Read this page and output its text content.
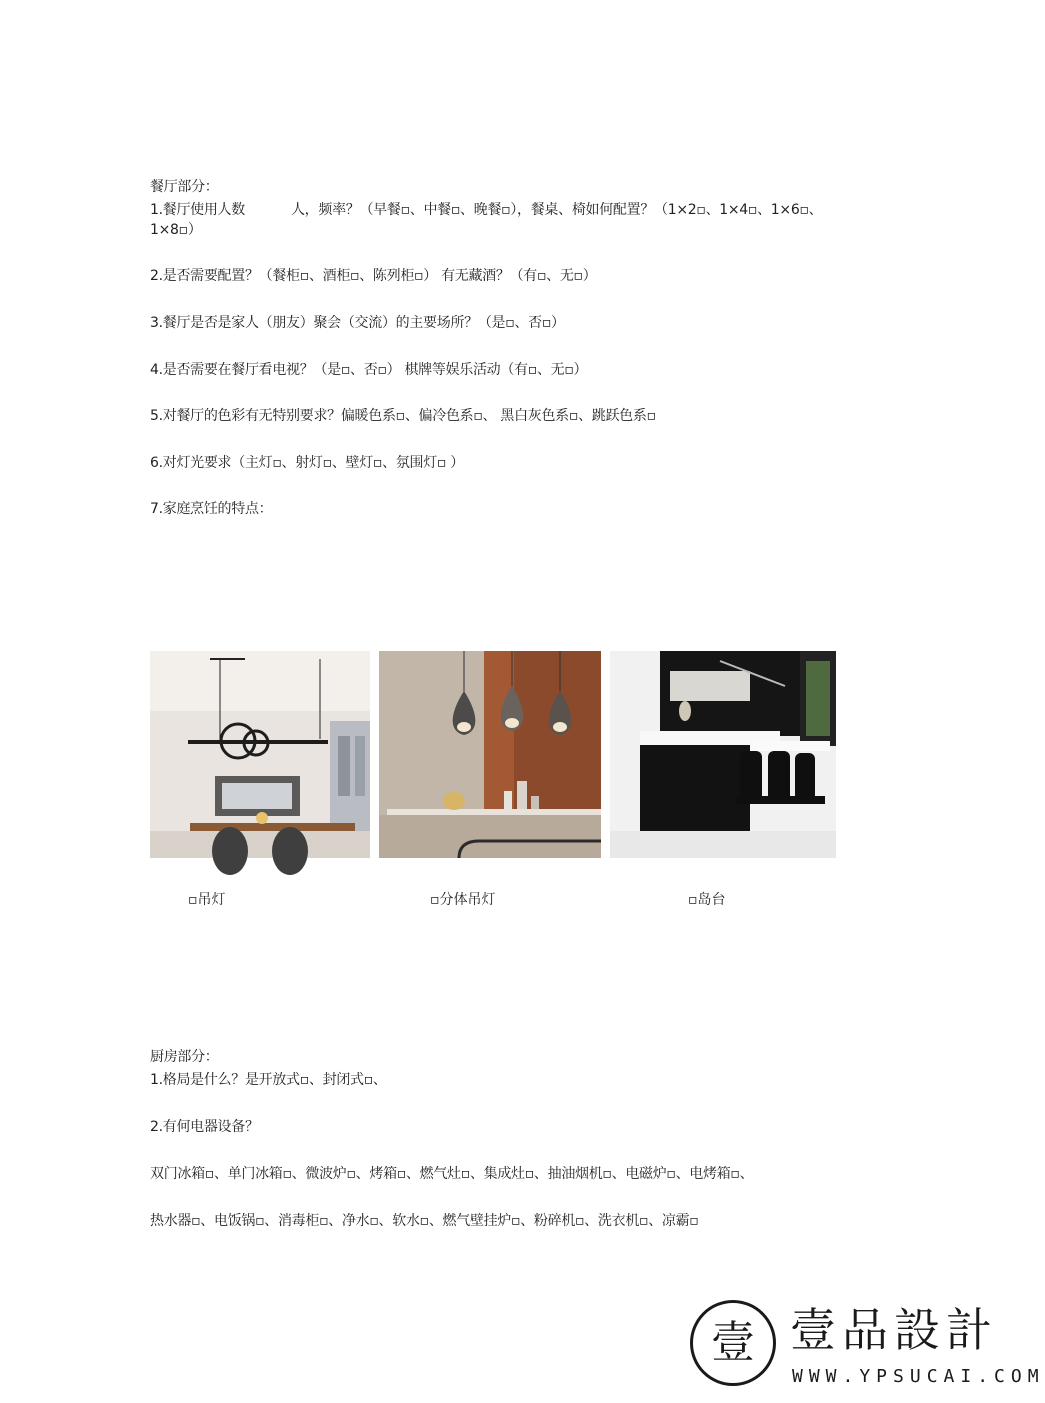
餐厅部分：
1.餐厅使用人数	人，频率？（早餐▫、中餐▫、晚餐▫），餐桌、椅如何配置？（1×2▫、1×4▫、1×6▫、
1×8▫）
2.是否需要配置？（餐柜▫、酒柜▫、陈列柜▫） 有无藏酒？（有▫、无▫）
3.餐厅是否是家人（朋友）聚会（交流）的主要场所？（是▫、否▫）
4.是否需要在餐厅看电视？（是▫、否▫） 棋牌等娱乐活动（有▫、无▫）
5.对餐厅的色彩有无特别要求？偏暖色系▫、偏冷色系▫、 黑白灰色系▫、跳跃色系▫
6.对灯光要求（主灯▫、射灯▫、壁灯▫、氛围灯▫ ）
7.家庭烹饪的特点：
▫吊灯	▫分体吊灯	▫岛台
厨房部分：
1.格局是什么？是开放式▫、封闭式▫、
2.有何电器设备？
双门冰箱▫、单门冰箱▫、微波炉▫、烤箱▫、燃气灶▫、集成灶▫、抽油烟机▫、电磁炉▫、电烤箱▫、
热水器▫、电饭锅▫、消毒柜▫、净水▫、软水▫、燃气壁挂炉▫、粉碎机▫、洗衣机▫、凉霸▫
壹 壹品設計
WWW.YPSUCAI.COM
